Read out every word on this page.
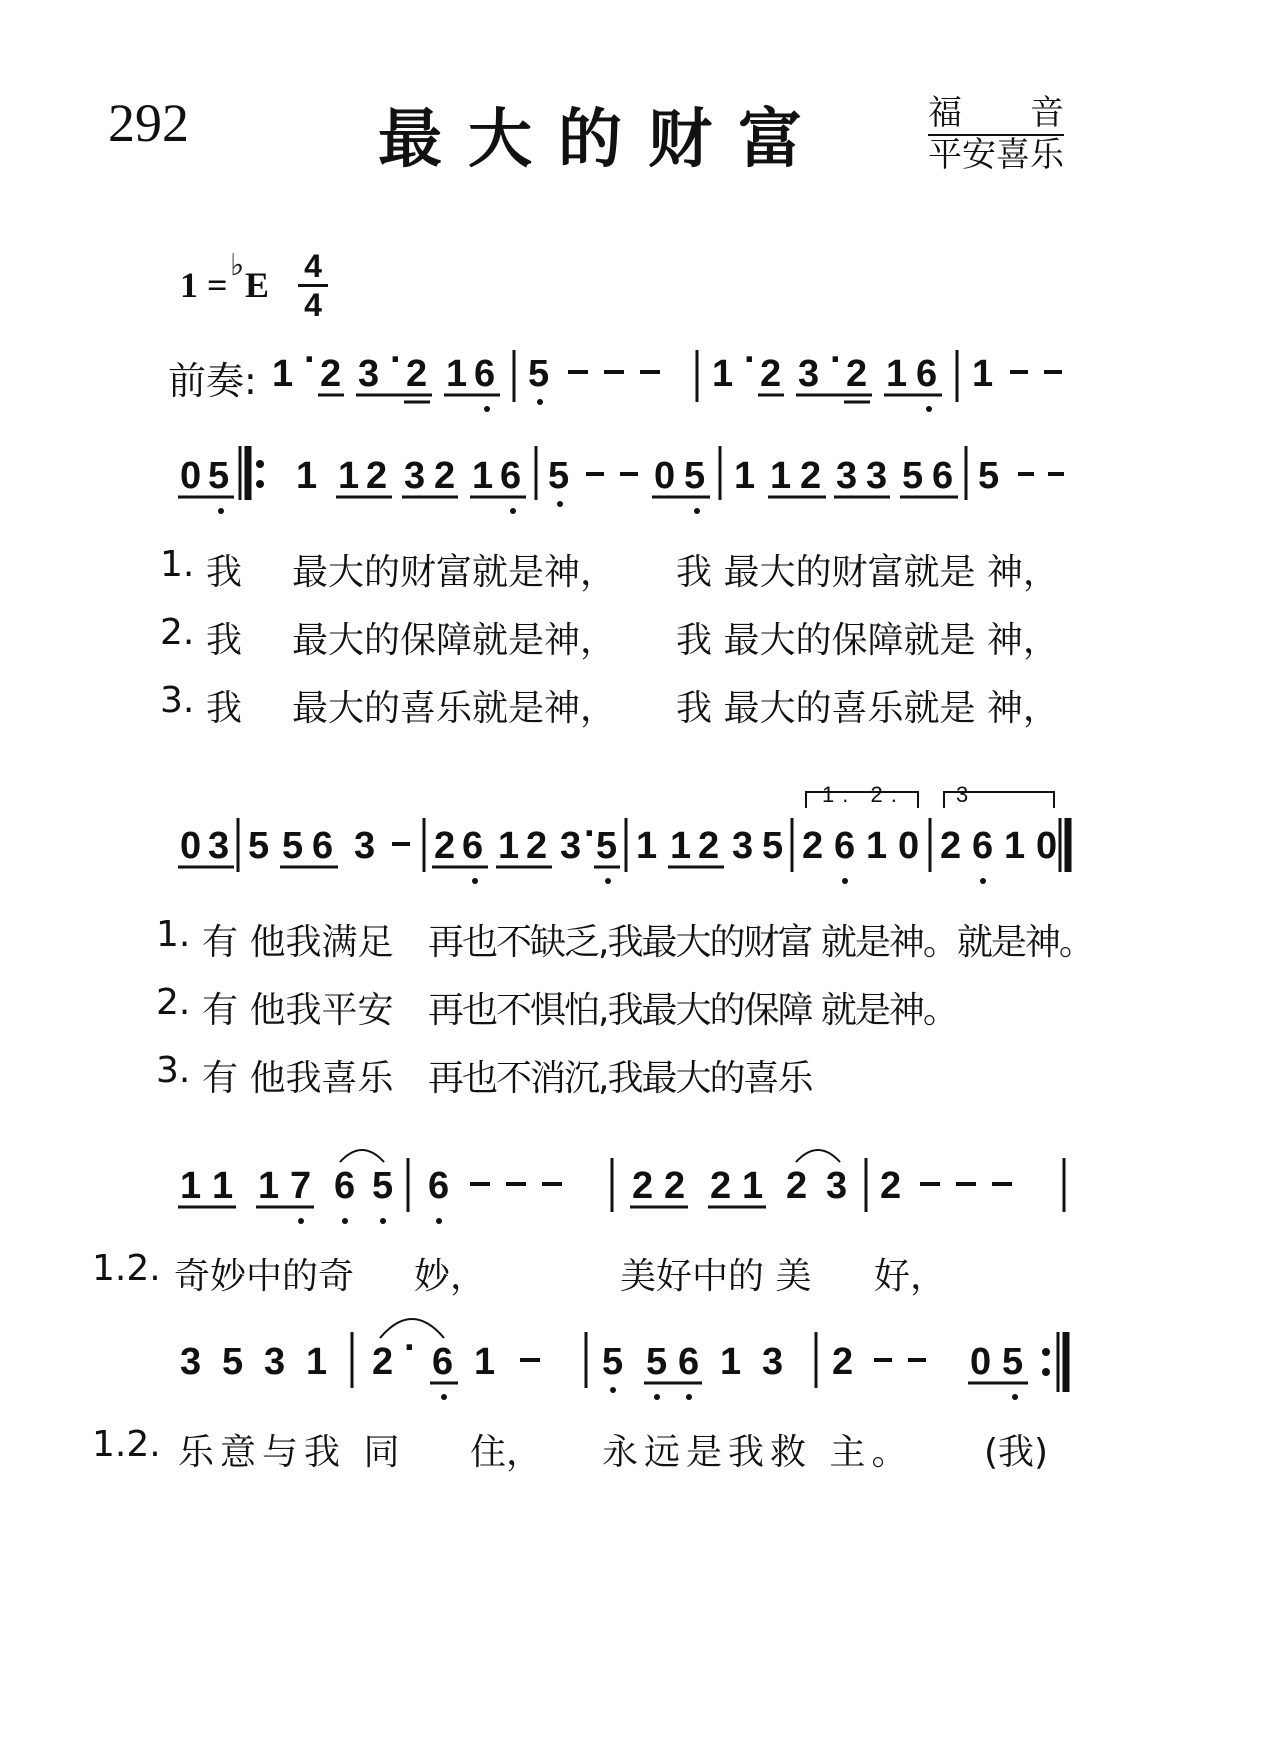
292	最大的财富	福　　音
平安喜乐
1 = ♭ E 4
4
前奏: 1 · 2 3 · 2 1 6 5	1 · 2 3 · 2 1 6 1
0 5 1 1 2 3 2 1 6 5 0 5 1 1 2 3 3 5 6 5
0 3 5 5 6 3 2 6 1 2 3 · 5 1 1 2 3 5 2 6 1 0 2 6 1 0
1 1 1 7 6 5 6	2 2 2 1 2 3 2
3 5 3 1 2 · 6 1	5 5 6 1 3 2	0 5
1. 2. 3
1. 我 最大的财富就是神， 我 最大的财富就是 神，
2. 我 最大的保障就是神， 我 最大的保障就是 神，
3. 我 最大的喜乐就是神， 我 最大的喜乐就是 神，
1. 有 他我满足 再也不缺乏,我最大的财富 就是神。就是神。
2. 有 他我平安 再也不惧怕,我最大的保障 就是神。
3. 有 他我喜乐 再也不消沉,我最大的喜乐
1.2. 奇妙中的奇 妙，	美好中的 美 好，
1.2. 乐意与我 同 住， 永远是我救 主。 (我)
